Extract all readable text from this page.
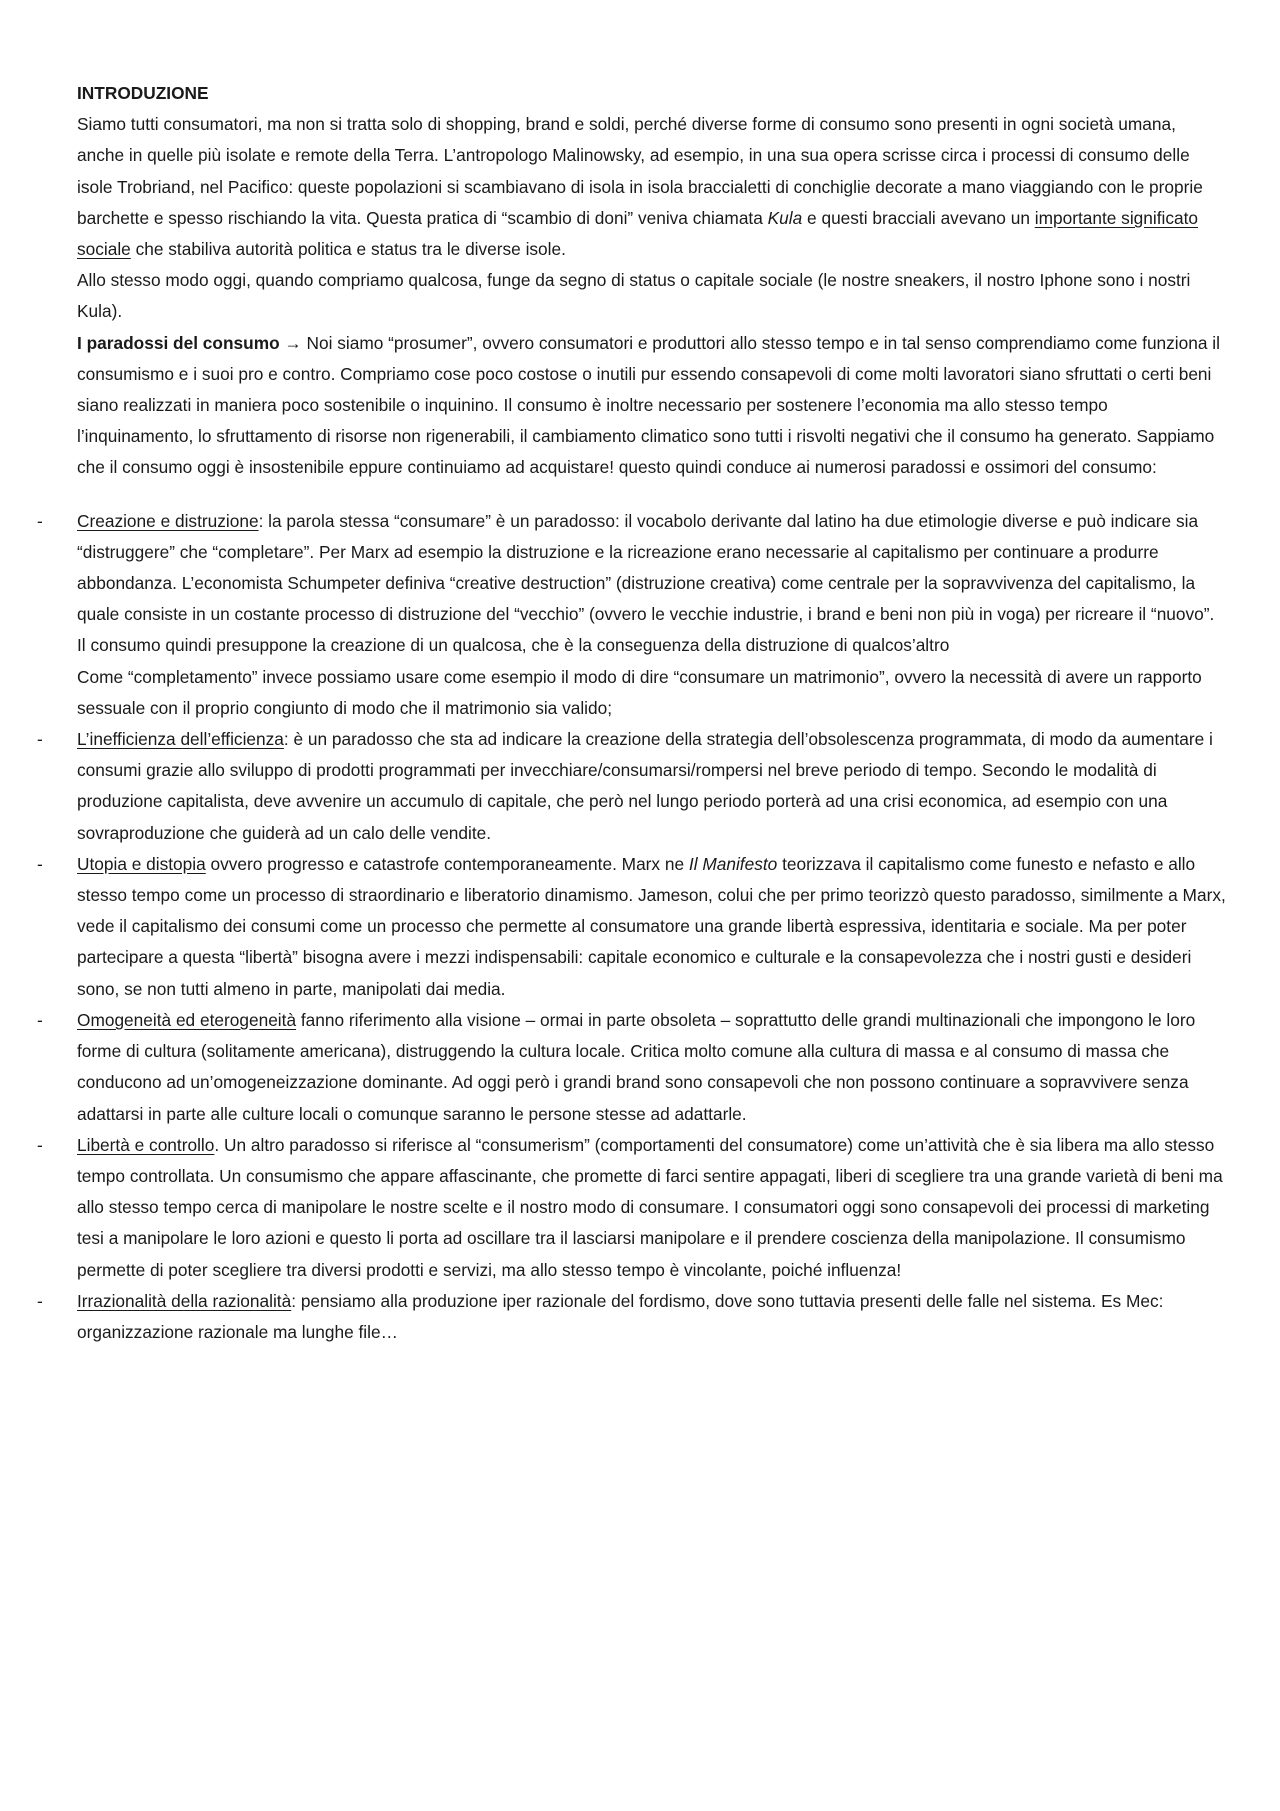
INTRODUZIONE

Siamo tutti consumatori, ma non si tratta solo di shopping, brand e soldi, perché diverse forme di consumo sono presenti in ogni società umana, anche in quelle più isolate e remote della Terra. L’antropologo Malinowsky, ad esempio, in una sua opera scrisse circa i processi di consumo delle isole Trobriand, nel Pacifico: queste popolazioni si scambiavano di isola in isola braccialetti di conchiglie decorate a mano viaggiando con le proprie barchette e spesso rischiando la vita. Questa pratica di “scambio di doni” veniva chiamata Kula e questi bracciali avevano un importante significato sociale che stabiliva autorità politica e status tra le diverse isole.

Allo stesso modo oggi, quando compriamo qualcosa, funge da segno di status o capitale sociale (le nostre sneakers, il nostro Iphone sono i nostri Kula).

I paradossi del consumo → Noi siamo “prosumer”, ovvero consumatori e produttori allo stesso tempo e in tal senso comprendiamo come funziona il consumismo e i suoi pro e contro. Compriamo cose poco costose o inutili pur essendo consapevoli di come molti lavoratori siano sfruttati o certi beni siano realizzati in maniera poco sostenibile o inquinino. Il consumo è inoltre necessario per sostenere l’economia ma allo stesso tempo l’inquinamento, lo sfruttamento di risorse non rigenerabili, il cambiamento climatico sono tutti i risvolti negativi che il consumo ha generato. Sappiamo che il consumo oggi è insostenibile eppure continuiamo ad acquistare! questo quindi conduce ai numerosi paradossi e ossimori del consumo:

- Creazione e distruzione: la parola stessa “consumare” è un paradosso: il vocabolo derivante dal latino ha due etimologie diverse e può indicare sia “distruggere” che “completare”. Per Marx ad esempio la distruzione e la ricreazione erano necessarie al capitalismo per continuare a produrre abbondanza. L’economista Schumpeter definiva “creative destruction” (distruzione creativa) come centrale per la sopravvivenza del capitalismo, la quale consiste in un costante processo di distruzione del “vecchio” (ovvero le vecchie industrie, i brand e beni non più in voga) per ricreare il “nuovo”. Il consumo quindi presuppone la creazione di un qualcosa, che è la conseguenza della distruzione di qualcos’altro

Come “completamento” invece possiamo usare come esempio il modo di dire “consumare un matrimonio”, ovvero la necessità di avere un rapporto sessuale con il proprio congiunto di modo che il matrimonio sia valido;

- L’inefficienza dell’efficienza: è un paradosso che sta ad indicare la creazione della strategia dell’obsolescenza programmata, di modo da aumentare i consumi grazie allo sviluppo di prodotti programmati per invecchiare/consumarsi/rompersi nel breve periodo di tempo. Secondo le modalità di produzione capitalista, deve avvenire un accumulo di capitale, che però nel lungo periodo porterà ad una crisi economica, ad esempio con una sovraproduzione che guiderà ad un calo delle vendite.

- Utopia e distopia ovvero progresso e catastrofe contemporaneamente. Marx ne Il Manifesto teorizzava il capitalismo come funesto e nefasto e allo stesso tempo come un processo di straordinario e liberatorio dinamismo. Jameson, colui che per primo teorizzò questo paradosso, similmente a Marx, vede il capitalismo dei consumi come un processo che permette al consumatore una grande libertà espressiva, identitaria e sociale. Ma per poter partecipare a questa “libertà” bisogna avere i mezzi indispensabili: capitale economico e culturale e la consapevolezza che i nostri gusti e desideri sono, se non tutti almeno in parte, manipolati dai media.

- Omogeneità ed eterogeneità fanno riferimento alla visione – ormai in parte obsoleta – soprattutto delle grandi multinazionali che impongono le loro forme di cultura (solitamente americana), distruggendo la cultura locale. Critica molto comune alla cultura di massa e al consumo di massa che conducono ad un’omogeneizzazione dominante. Ad oggi però i grandi brand sono consapevoli che non possono continuare a sopravvivere senza adattarsi in parte alle culture locali o comunque saranno le persone stesse ad adattarle.

- Libertà e controllo. Un altro paradosso si riferisce al “consumerism” (comportamenti del consumatore) come un’attività che è sia libera ma allo stesso tempo controllata. Un consumismo che appare affascinante, che promette di farci sentire appagati, liberi di scegliere tra una grande varietà di beni ma allo stesso tempo cerca di manipolare le nostre scelte e il nostro modo di consumare. I consumatori oggi sono consapevoli dei processi di marketing tesi a manipolare le loro azioni e questo li porta ad oscillare tra il lasciarsi manipolare e il prendere coscienza della manipolazione. Il consumismo permette di poter scegliere tra diversi prodotti e servizi, ma allo stesso tempo è vincolante, poiché influenza!

- Irrazionalità della razionalità: pensiamo alla produzione iper razionale del fordismo, dove sono tuttavia presenti delle falle nel sistema. Es Mec: organizzazione razionale ma lunghe file…
